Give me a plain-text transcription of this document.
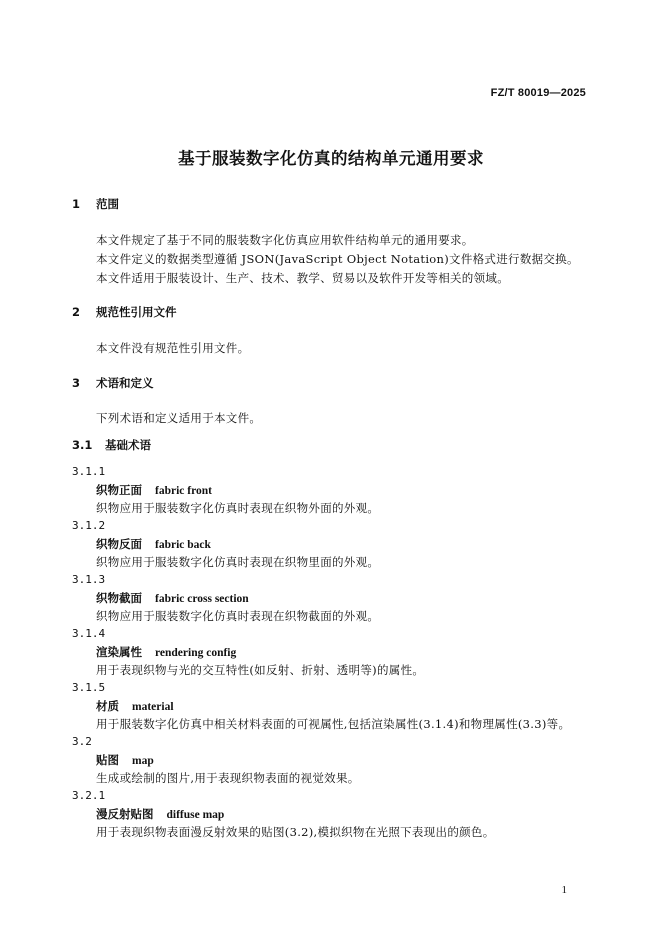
FZ/T 80019—2025
基于服装数字化仿真的结构单元通用要求
1 范围
本文件规定了基于不同的服装数字化仿真应用软件结构单元的通用要求。
本文件定义的数据类型遵循 JSON(JavaScript Object Notation)文件格式进行数据交换。
本文件适用于服装设计、生产、技术、教学、贸易以及软件开发等相关的领域。
2 规范性引用文件
本文件没有规范性引用文件。
3 术语和定义
下列术语和定义适用于本文件。
3.1 基础术语
3.1.1
织物正面 fabric front
织物应用于服装数字化仿真时表现在织物外面的外观。
3.1.2
织物反面 fabric back
织物应用于服装数字化仿真时表现在织物里面的外观。
3.1.3
织物截面 fabric cross section
织物应用于服装数字化仿真时表现在织物截面的外观。
3.1.4
渲染属性 rendering config
用于表现织物与光的交互特性(如反射、折射、透明等)的属性。
3.1.5
材质 material
用于服装数字化仿真中相关材料表面的可视属性,包括渲染属性(3.1.4)和物理属性(3.3)等。
3.2
贴图 map
生成或绘制的图片,用于表现织物表面的视觉效果。
3.2.1
漫反射贴图 diffuse map
用于表现织物表面漫反射效果的贴图(3.2),模拟织物在光照下表现出的颜色。
1
